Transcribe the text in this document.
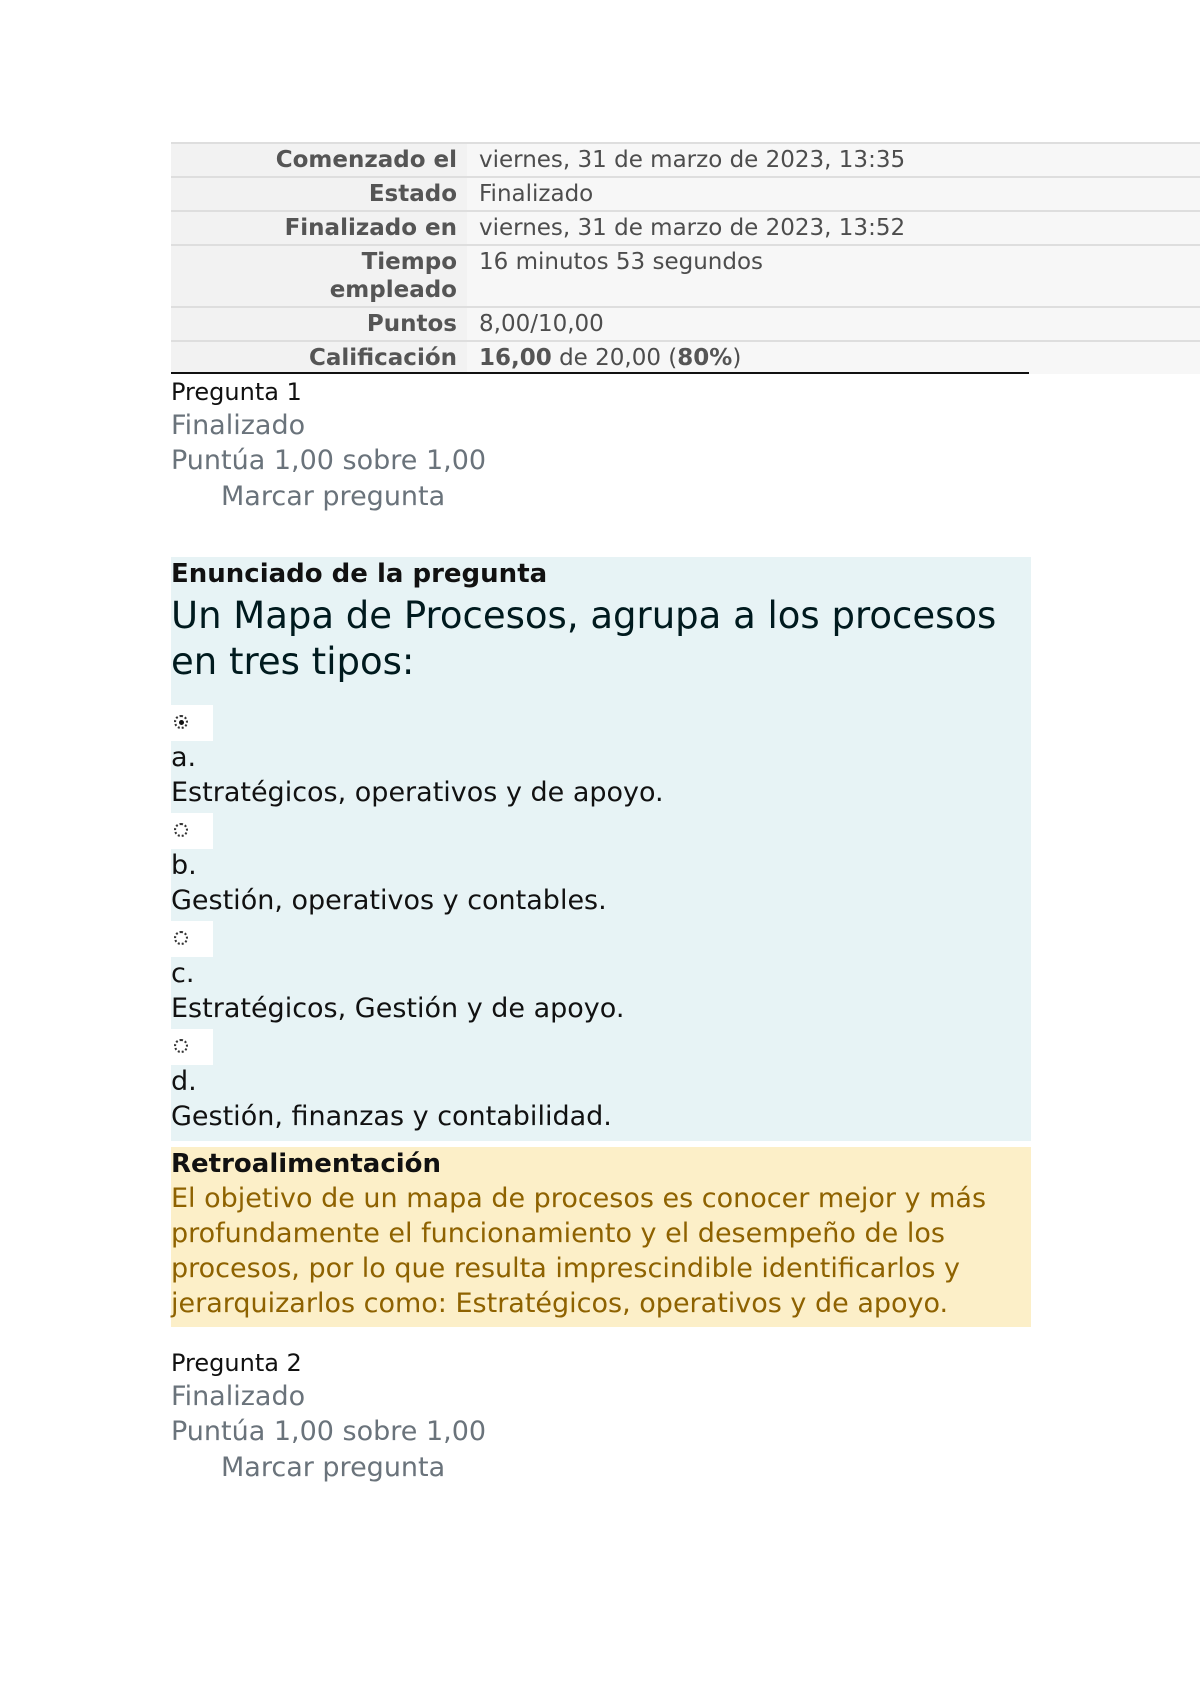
Comenzado el	viernes, 31 de marzo de 2023, 13:35
Estado	Finalizado
Finalizado en	viernes, 31 de marzo de 2023, 13:52
Tiempo empleado	16 minutos 53 segundos
Puntos	8,00/10,00
Calificación	16,00 de 20,00 (80%)
Pregunta 1
Finalizado
Puntúa 1,00 sobre 1,00
Marcar pregunta
Enunciado de la pregunta
Un Mapa de Procesos, agrupa a los procesos en tres tipos:
a.
Estratégicos, operativos y de apoyo.
b.
Gestión, operativos y contables.
c.
Estratégicos, Gestión y de apoyo.
d.
Gestión, finanzas y contabilidad.
Retroalimentación
El objetivo de un mapa de procesos es conocer mejor y más profundamente el funcionamiento y el desempeño de los procesos, por lo que resulta imprescindible identificarlos y jerarquizarlos como: Estratégicos, operativos y de apoyo.
Pregunta 2
Finalizado
Puntúa 1,00 sobre 1,00
Marcar pregunta
